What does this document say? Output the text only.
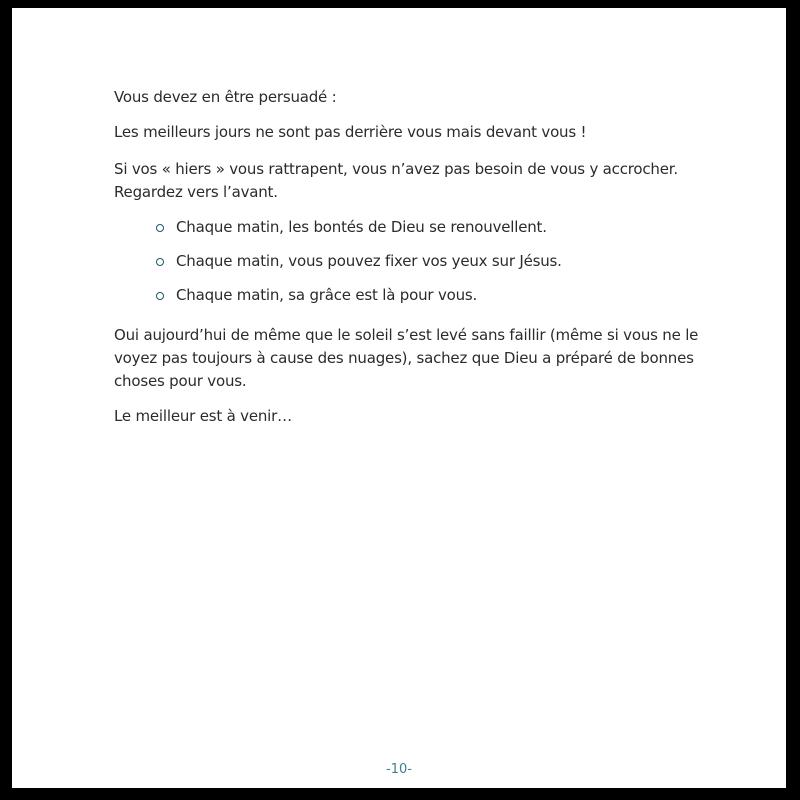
Vous devez en être persuadé :

Les meilleurs jours ne sont pas derrière vous mais devant vous !

Si vos « hiers » vous rattrapent, vous n’avez pas besoin de vous y accrocher. Regardez vers l’avant.

Chaque matin, les bontés de Dieu se renouvellent.
Chaque matin, vous pouvez fixer vos yeux sur Jésus.
Chaque matin, sa grâce est là pour vous.

Oui aujourd’hui de même que le soleil s’est levé sans faillir (même si vous ne le voyez pas toujours à cause des nuages), sachez que Dieu a préparé de bonnes choses pour vous.

Le meilleur est à venir…

-10-
